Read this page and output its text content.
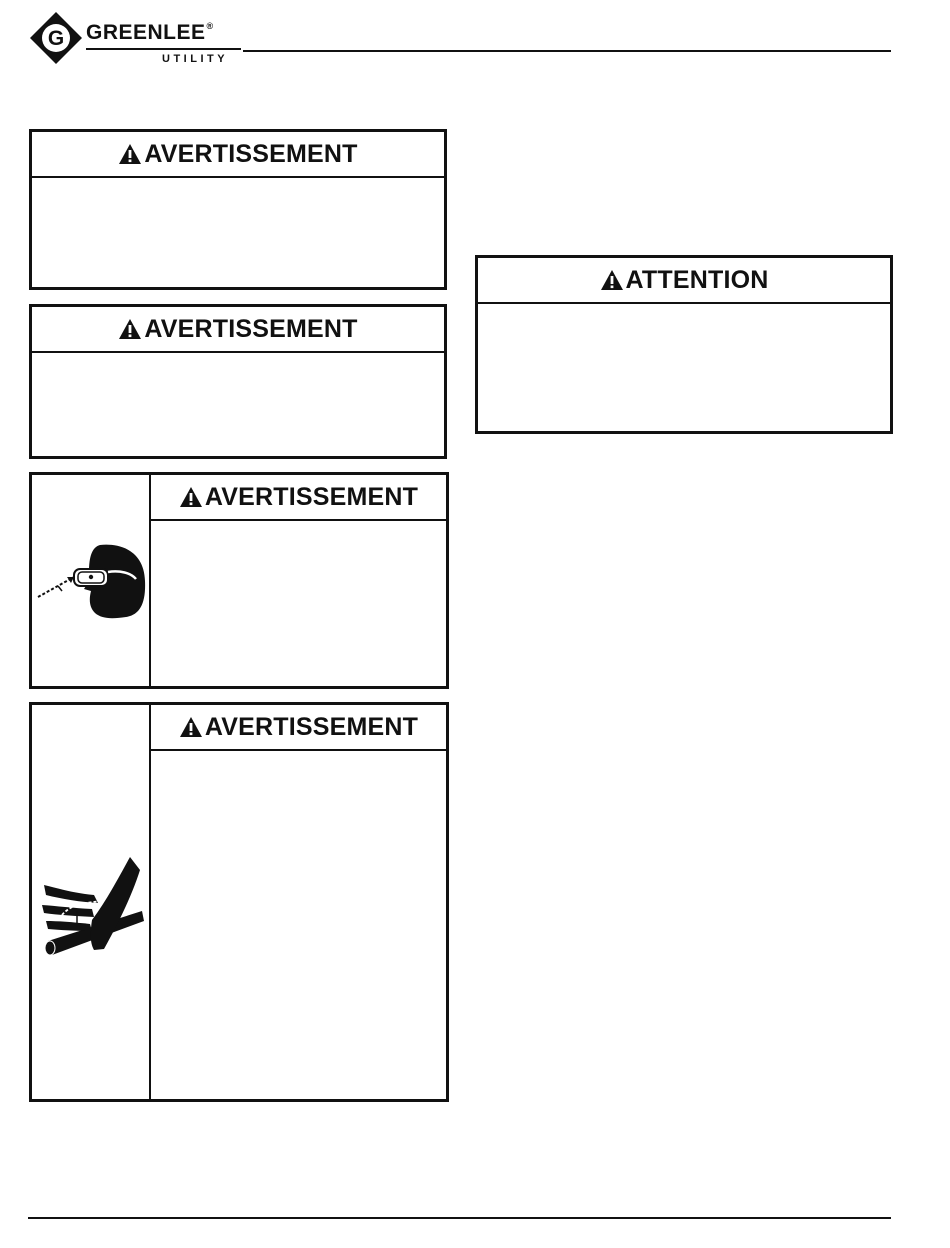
G GREENLEE®
UTILITY
AVERTISSEMENT
AVERTISSEMENT
AVERTISSEMENT
AVERTISSEMENT
ATTENTION
